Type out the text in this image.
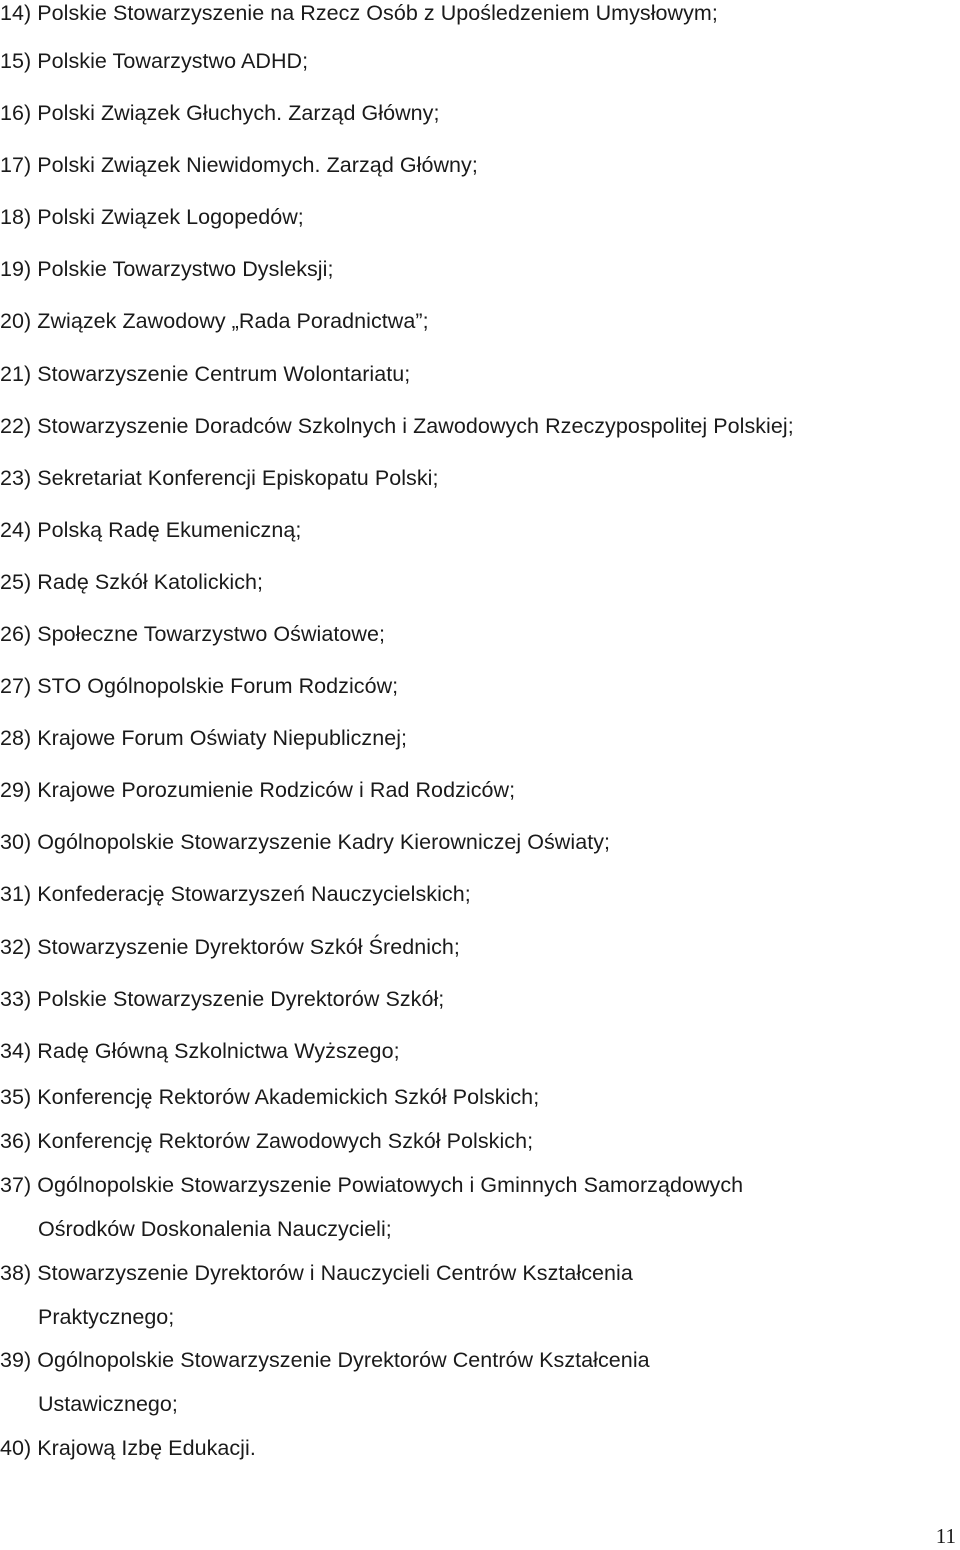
14) Polskie Stowarzyszenie na Rzecz Osób z Upośledzeniem Umysłowym;
15) Polskie Towarzystwo ADHD;
16) Polski Związek Głuchych. Zarząd Główny;
17) Polski Związek Niewidomych. Zarząd Główny;
18) Polski Związek Logopedów;
19) Polskie Towarzystwo Dysleksji;
20) Związek Zawodowy „Rada Poradnictwa”;
21) Stowarzyszenie Centrum Wolontariatu;
22) Stowarzyszenie Doradców Szkolnych i Zawodowych Rzeczypospolitej Polskiej;
23) Sekretariat Konferencji Episkopatu Polski;
24) Polską Radę Ekumeniczną;
25) Radę Szkół Katolickich;
26) Społeczne Towarzystwo Oświatowe;
27) STO Ogólnopolskie Forum Rodziców;
28) Krajowe Forum Oświaty Niepublicznej;
29) Krajowe Porozumienie Rodziców i Rad Rodziców;
30) Ogólnopolskie Stowarzyszenie Kadry Kierowniczej Oświaty;
31) Konfederację Stowarzyszeń Nauczycielskich;
32) Stowarzyszenie Dyrektorów Szkół Średnich;
33) Polskie Stowarzyszenie Dyrektorów Szkół;
34) Radę Główną Szkolnictwa Wyższego;
35) Konferencję Rektorów Akademickich Szkół Polskich;
36) Konferencję Rektorów Zawodowych Szkół Polskich;
37) Ogólnopolskie Stowarzyszenie Powiatowych i Gminnych Samorządowych
Ośrodków Doskonalenia Nauczycieli;
38) Stowarzyszenie Dyrektorów i Nauczycieli Centrów Kształcenia
Praktycznego;
39) Ogólnopolskie Stowarzyszenie Dyrektorów Centrów Kształcenia
Ustawicznego;
40) Krajową Izbę Edukacji.
11
